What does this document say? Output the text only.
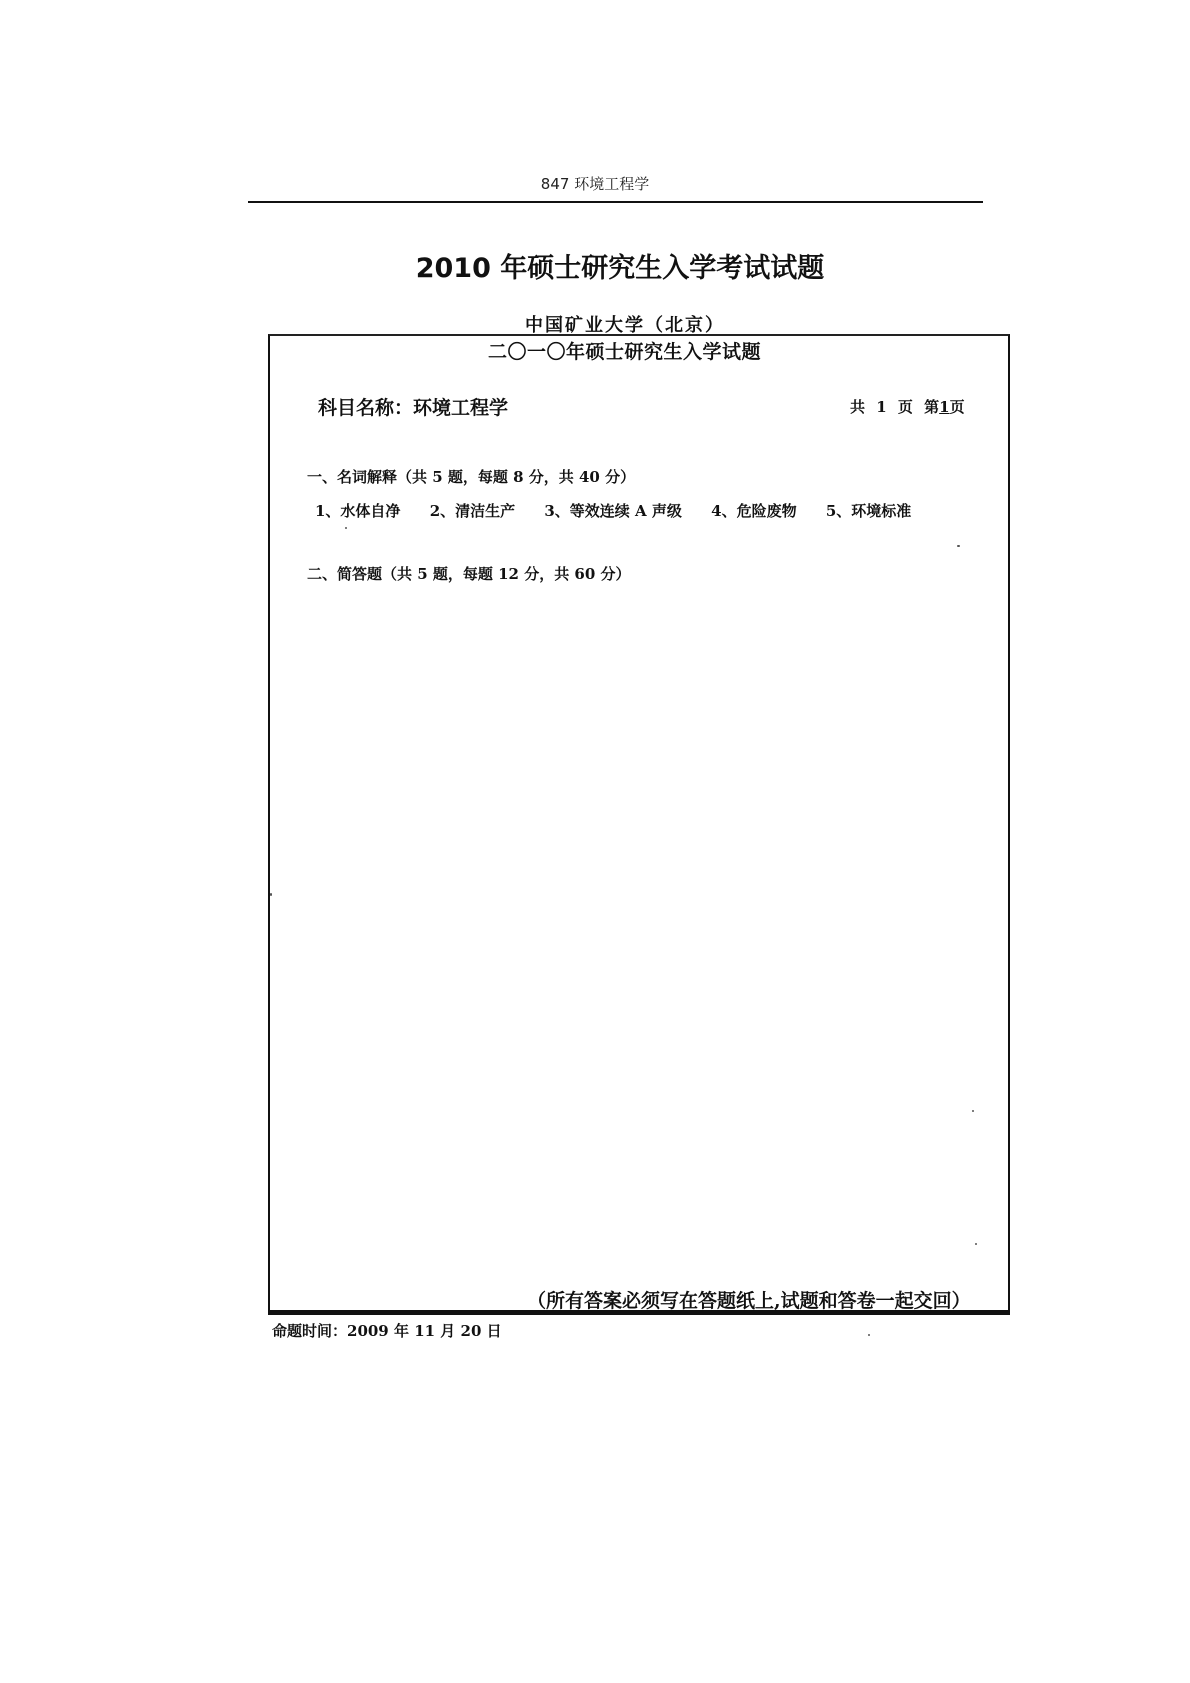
847 环境工程学
2010 年硕士研究生入学考试试题
中国矿业大学（北京）
二〇一〇年硕士研究生入学试题
科目名称：环境工程学	共 1 页 第1页
一、名词解释（共 5 题，每题 8 分，共 40 分）
1、水体自净 2、清洁生产 3、等效连续 A 声级 4、危险废物 5、环境标准
二、简答题（共 5 题，每题 12 分，共 60 分）
（所有答案必须写在答题纸上,试题和答卷一起交回）
命题时间：2009 年 11 月 20 日
